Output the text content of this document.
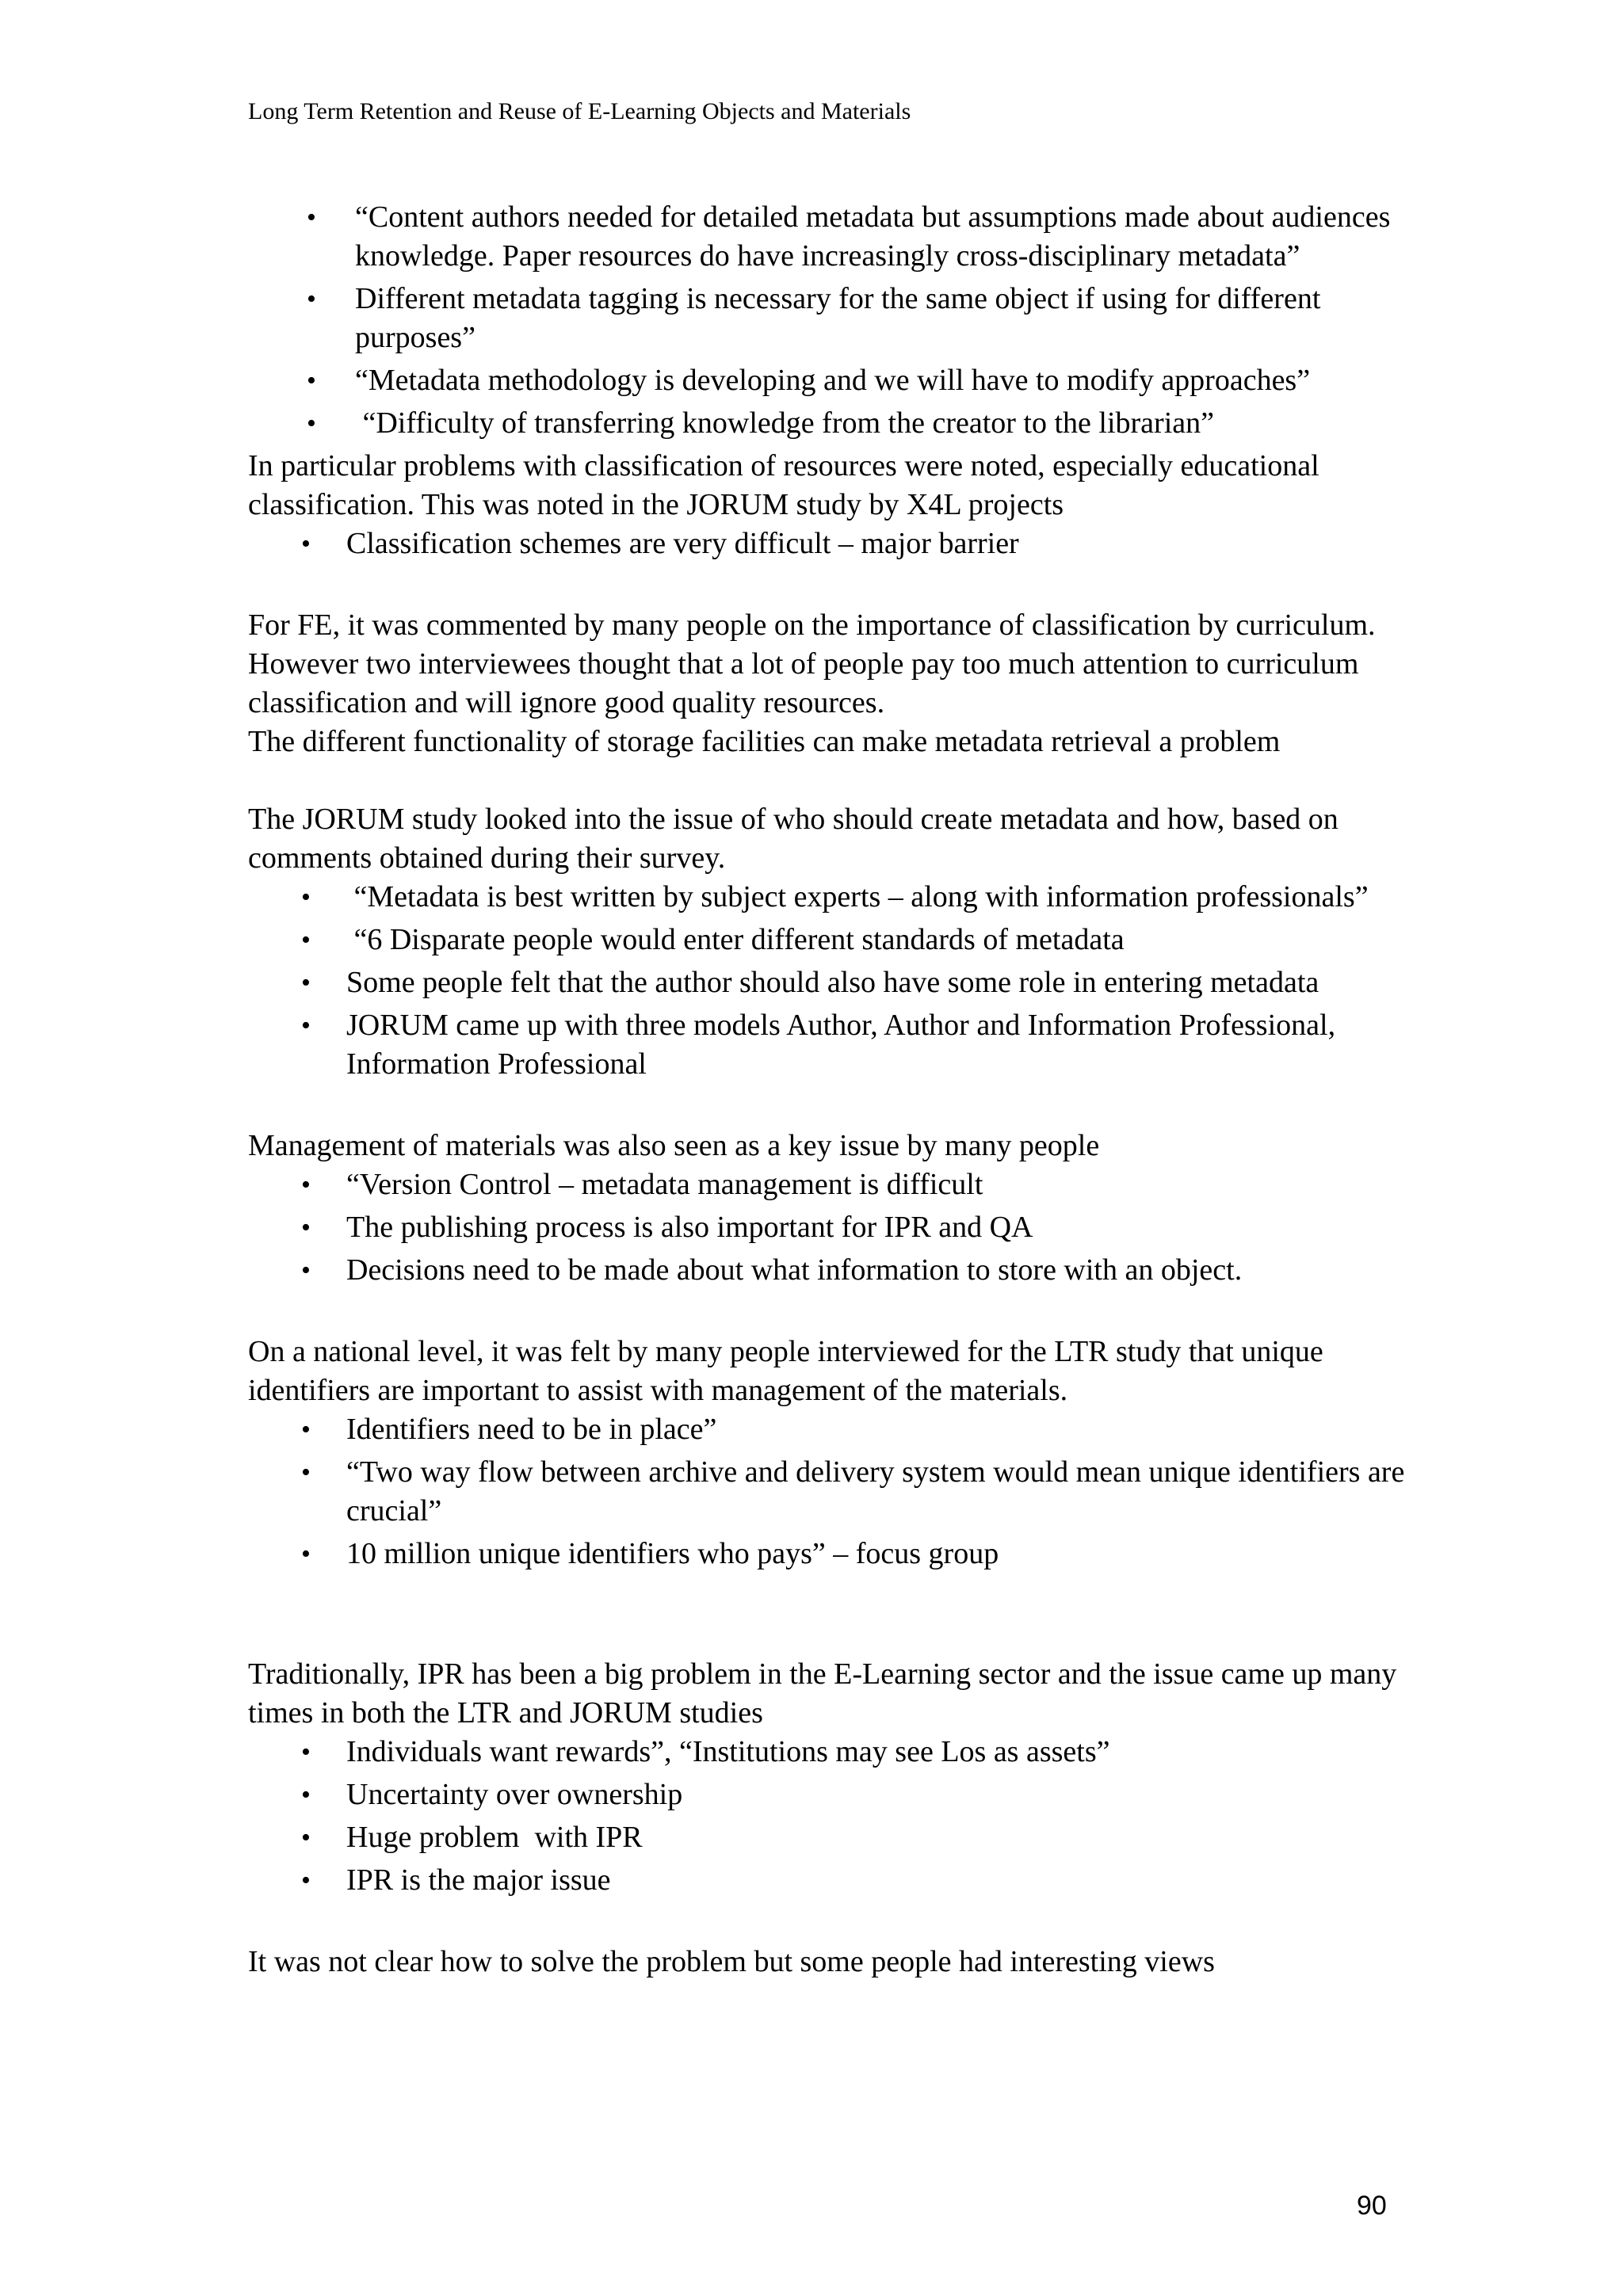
Long Term Retention and Reuse of E-Learning Objects and Materials
• “Content authors needed for detailed metadata but assumptions made about audiences knowledge. Paper resources do have increasingly cross-disciplinary metadata”
• Different metadata tagging is necessary for the same object if using for different purposes”
• “Metadata methodology is developing and we will have to modify approaches”
• “Difficulty of transferring knowledge from the creator to the librarian”

In particular problems with classification of resources were noted, especially educational classification. This was noted in the JORUM study by X4L projects

• Classification schemes are very difficult – major barrier

For FE, it was commented by many people on the importance of classification by curriculum. However two interviewees thought that a lot of people pay too much attention to curriculum classification and will ignore good quality resources.

The different functionality of storage facilities can make metadata retrieval a problem

The JORUM study looked into the issue of who should create metadata and how, based on comments obtained during their survey.

• “Metadata is best written by subject experts – along with information professionals”
• “6 Disparate people would enter different standards of metadata
• Some people felt that the author should also have some role in entering metadata
• JORUM came up with three models Author, Author and Information Professional, Information Professional

Management of materials was also seen as a key issue by many people

• “Version Control – metadata management is difficult
• The publishing process is also important for IPR and QA
• Decisions need to be made about what information to store with an object.

On a national level, it was felt by many people interviewed for the LTR study that unique identifiers are important to assist with management of the materials.

• Identifiers need to be in place”
• “Two way flow between archive and delivery system would mean unique identifiers are crucial”
• 10 million unique identifiers who pays” – focus group

Traditionally, IPR has been a big problem in the E-Learning sector and the issue came up many times in both the LTR and JORUM studies

• Individuals want rewards”, “Institutions may see Los as assets”
• Uncertainty over ownership
• Huge problem  with IPR
• IPR is the major issue

It was not clear how to solve the problem but some people had interesting views

90
